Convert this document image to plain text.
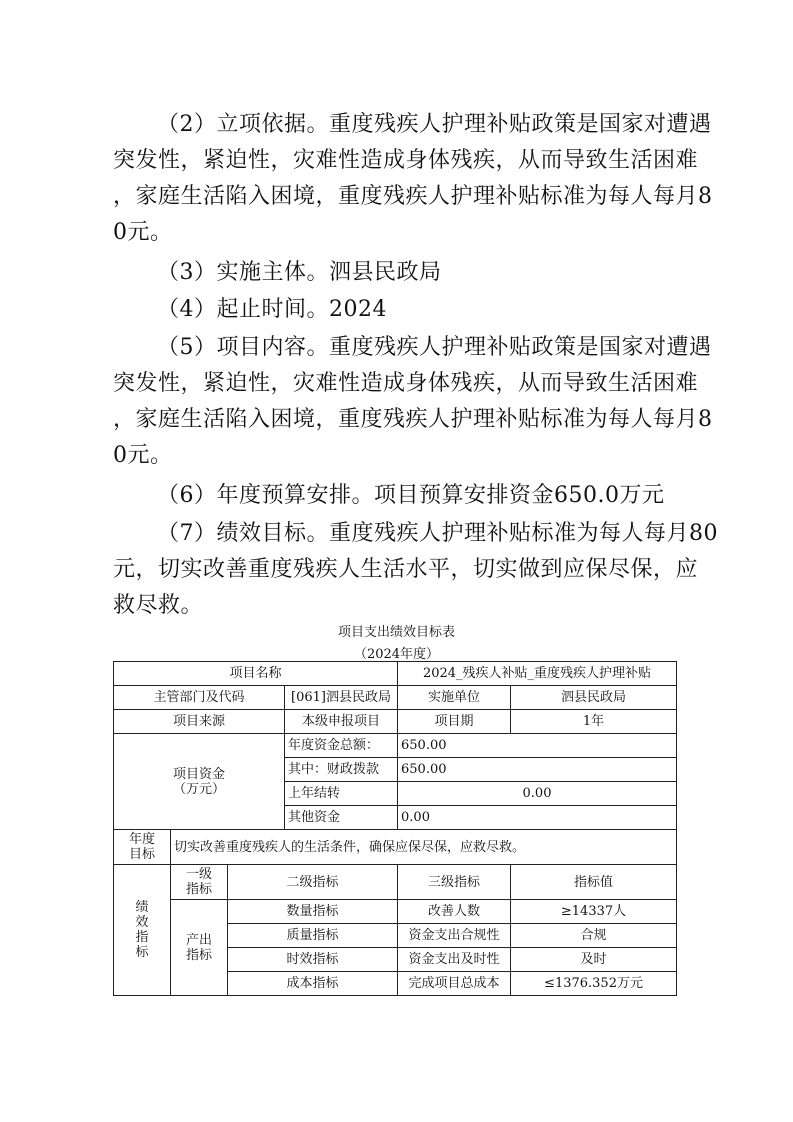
（2）立项依据。重度残疾人护理补贴政策是国家对遭遇
突发性，紧迫性，灾难性造成身体残疾，从而导致生活困难
，家庭生活陷入困境，重度残疾人护理补贴标准为每人每月8
0元。
（3）实施主体。泗县民政局
（4）起止时间。2024
（5）项目内容。重度残疾人护理补贴政策是国家对遭遇
突发性，紧迫性，灾难性造成身体残疾，从而导致生活困难
，家庭生活陷入困境，重度残疾人护理补贴标准为每人每月8
0元。
（6）年度预算安排。项目预算安排资金650.0万元
（7）绩效目标。重度残疾人护理补贴标准为每人每月80
元，切实改善重度残疾人生活水平，切实做到应保尽保，应
救尽救。
项目支出绩效目标表
（2024年度）
项目名称				2024_残疾人补贴_重度残疾人护理补贴	
主管部门及代码			[061]泗县民政局	实施单位	泗县民政局
项目来源			本级申报项目	项目期	1年

项目资金
（万元）			年度资金总额：	650.00	
			其中：财政拨款	650.00	
			上年结转	0.00	
			其他资金	0.00	
年度目标	切实改善重度残疾人的生活条件，确保应保尽保，应救尽救。				
绩效指标	一级指标	二级指标		三级指标	指标值
	产出指标	数量指标		改善人数	≥14337人
		质量指标		资金支出合规性	合规
		时效指标		资金支出及时性	及时
		成本指标		完成项目总成本	≤1376.352万元
